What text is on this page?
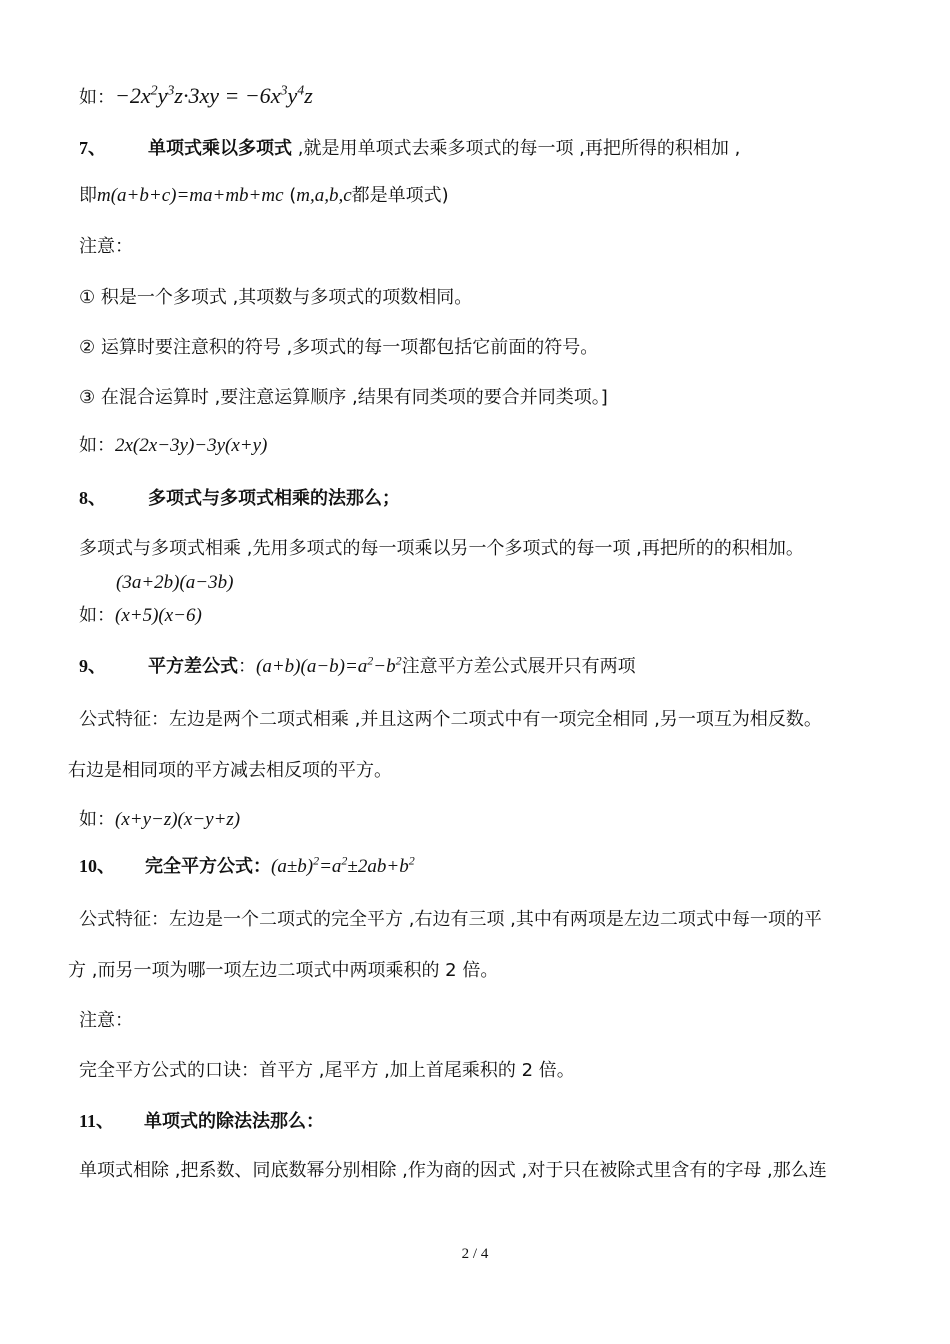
如：$-2x^2y^3z\cdot 3xy = -6x^3y^4z$
7、 单项式乘以多项式 ,就是用单项式去乘多项式的每一项 ,再把所得的积相加 ,
即m(a+b+c)=ma+mb+mc (m,a,b,c都是单项式)
注意：
① 积是一个多项式 ,其项数与多项式的项数相同。
② 运算时要注意积的符号 ,多项式的每一项都包括它前面的符号。
③ 在混合运算时 ,要注意运算顺序 ,结果有同类项的要合并同类项。]
如：2x(2x−3y)−3y(x+y)
8、 多项式与多项式相乘的法那么；
多项式与多项式相乘 ,先用多项式的每一项乘以另一个多项式的每一项 ,再把所的的积相加。
(3a+2b)(a−3b)
如：(x+5)(x−6)
9、 平方差公式：$(a+b)(a-b)=a^2-b^2$注意平方差公式展开只有两项
公式特征：左边是两个二项式相乘 ,并且这两个二项式中有一项完全相同 ,另一项互为相反数。
右边是相同项的平方减去相反项的平方。
如：(x+y−z)(x−y+z)
10、 完全平方公式：$(a\pm b)^2=a^2\pm 2ab+b^2$
公式特征：左边是一个二项式的完全平方 ,右边有三项 ,其中有两项是左边二项式中每一项的平
方 ,而另一项为哪一项左边二项式中两项乘积的 2 倍。
注意：
完全平方公式的口诀：首平方 ,尾平方 ,加上首尾乘积的 2 倍。
11、 单项式的除法法那么：
单项式相除 ,把系数、同底数幂分别相除 ,作为商的因式 ,对于只在被除式里含有的字母 ,那么连
2 / 4
